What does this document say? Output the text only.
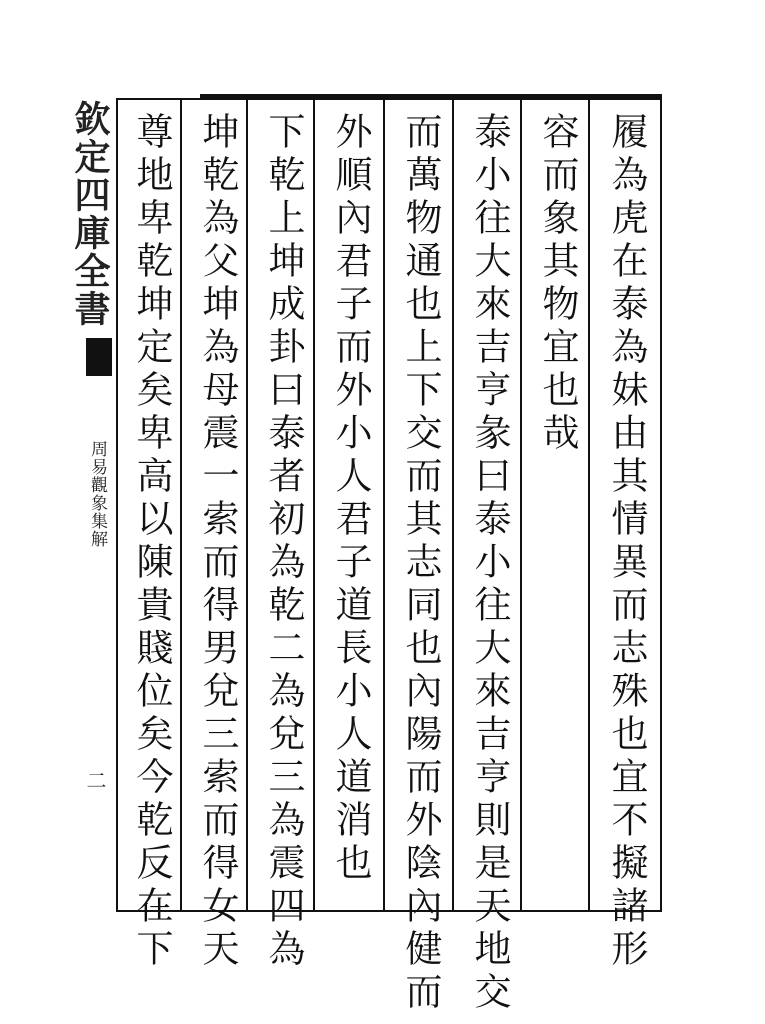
欽定四庫全書
周易觀象集解
二	履為虎在泰為妹由其情異而志殊也宜不擬諸形
容而象其物宜也哉
泰小往大來吉亨彖曰泰小往大來吉亨則是天地交
而萬物通也上下交而其志同也內陽而外陰內健而
外順內君子而外小人君子道長小人道消也
下乾上坤成卦曰泰者初為乾二為兌三為震四為
坤乾為父坤為母震一索而得男兌三索而得女天
尊地卑乾坤定矣卑高以陳貴賤位矣今乾反在下
